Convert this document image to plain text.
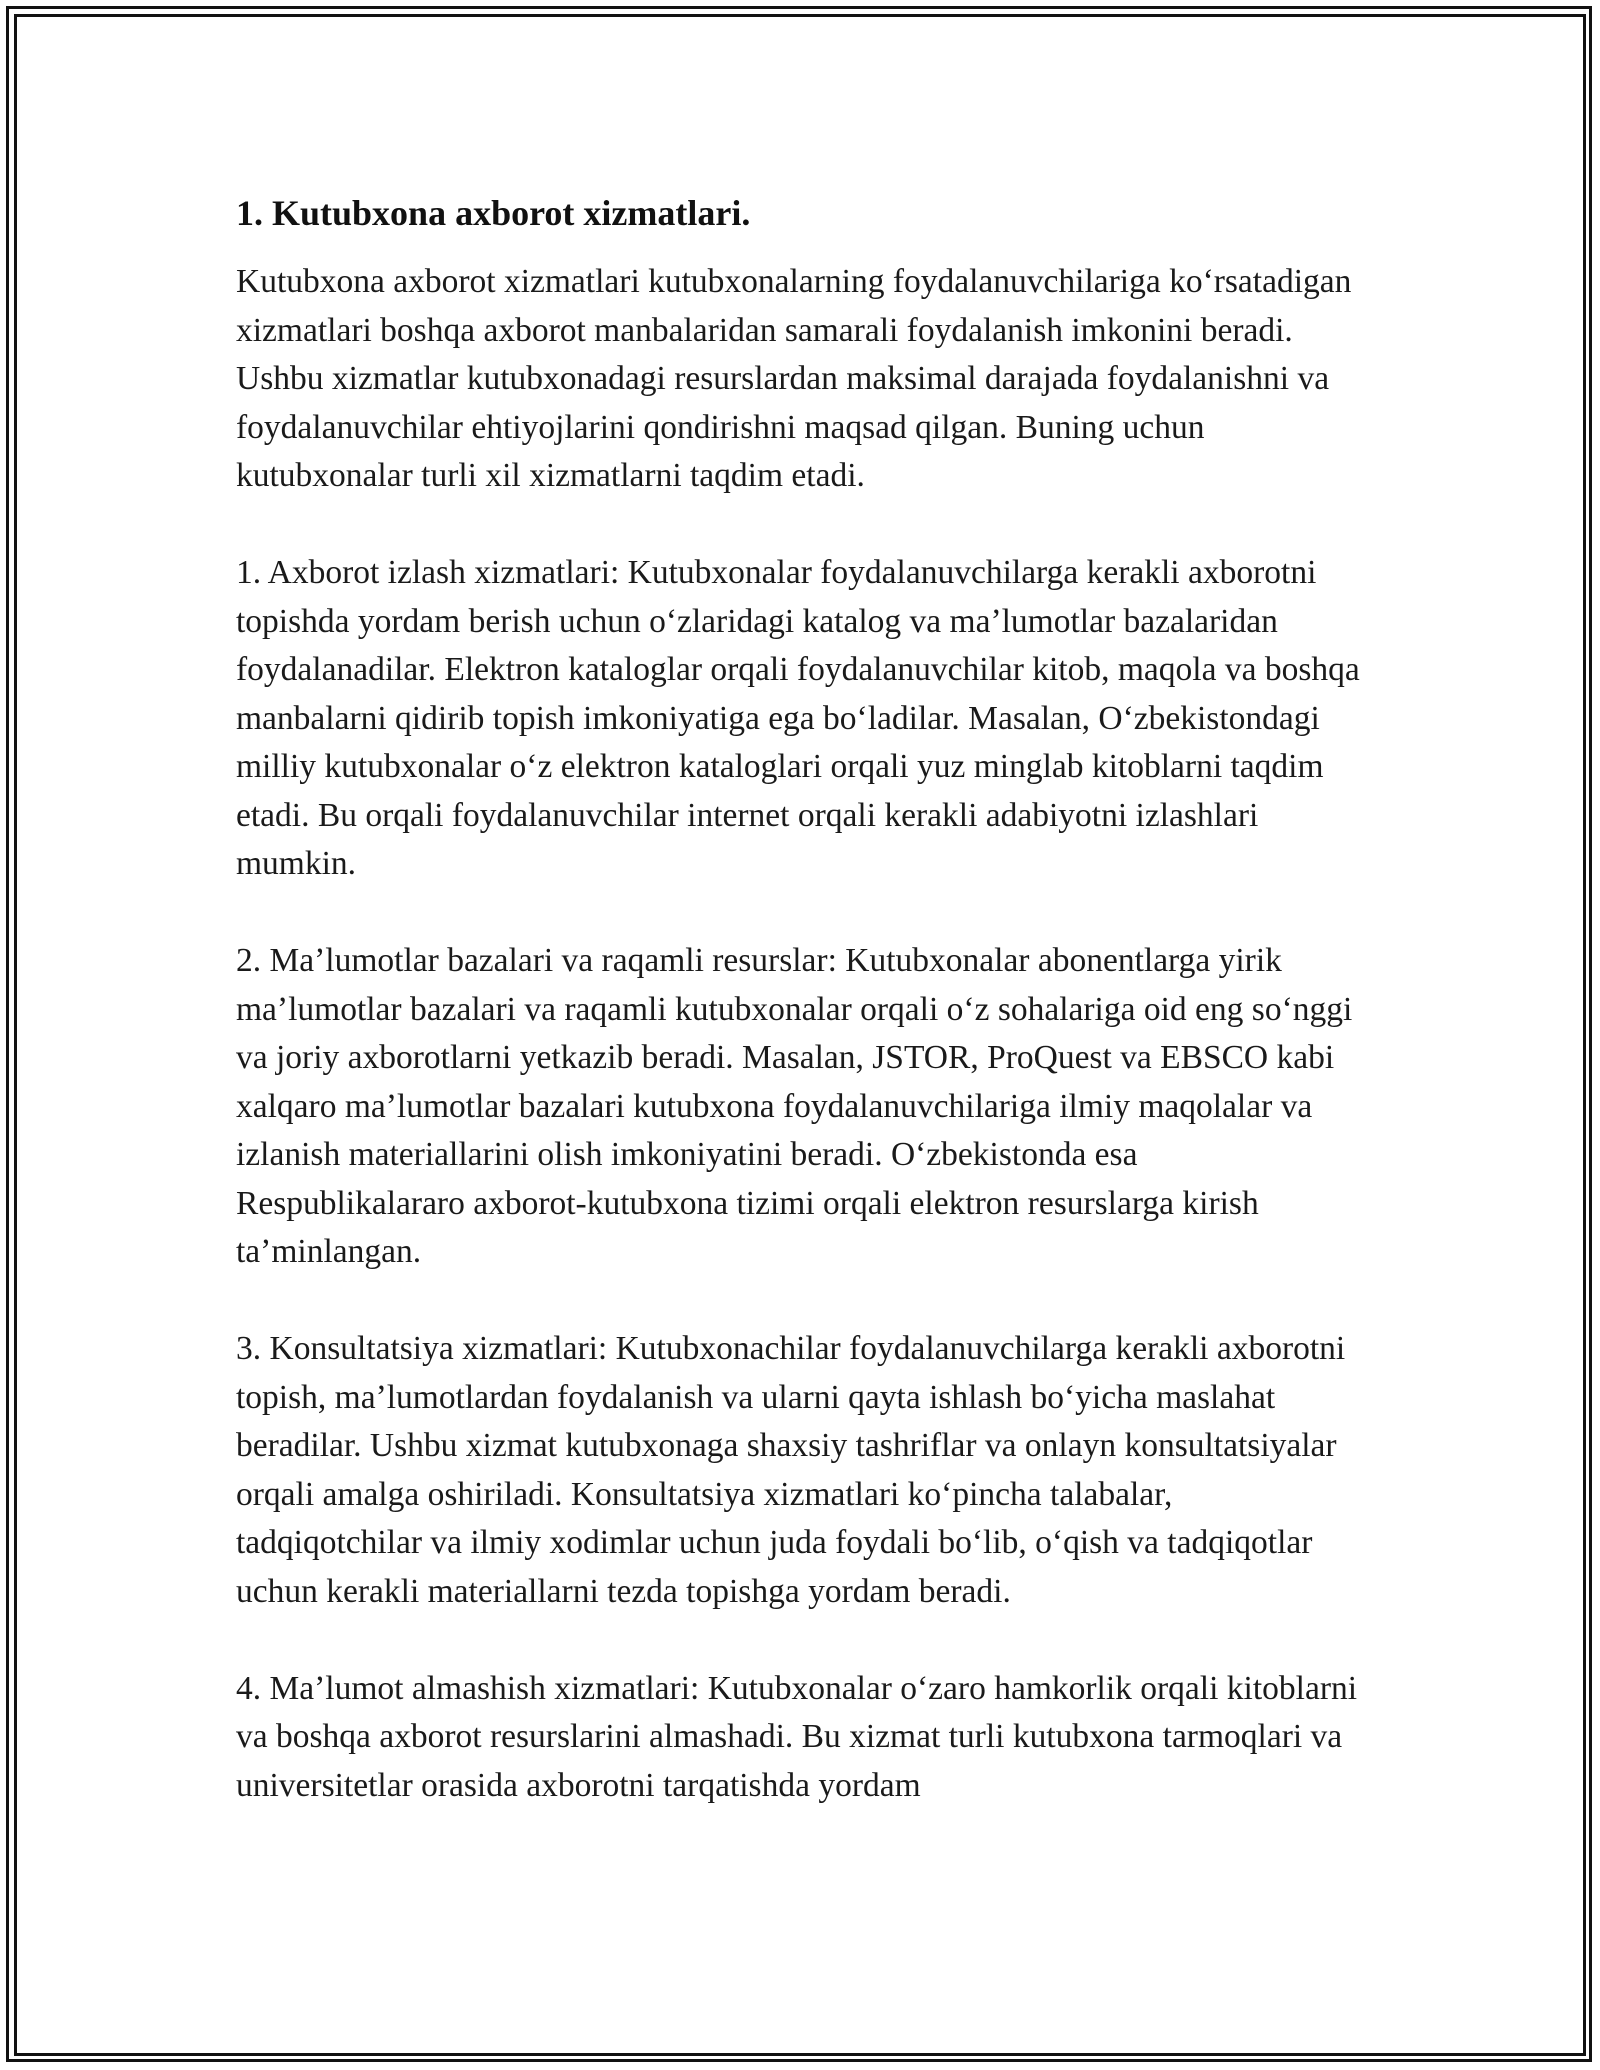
1. Kutubxona axborot xizmatlari.

Kutubxona axborot xizmatlari kutubxonalarning foydalanuvchilariga koʻrsatadigan xizmatlari boshqa axborot manbalaridan samarali foydalanish imkonini beradi. Ushbu xizmatlar kutubxonadagi resurslardan maksimal darajada foydalanishni va foydalanuvchilar ehtiyojlarini qondirishni maqsad qilgan. Buning uchun kutubxonalar turli xil xizmatlarni taqdim etadi.

1. Axborot izlash xizmatlari: Kutubxonalar foydalanuvchilarga kerakli axborotni topishda yordam berish uchun oʻzlaridagi katalog va maʼlumotlar bazalaridan foydalanadilar. Elektron kataloglar orqali foydalanuvchilar kitob, maqola va boshqa manbalarni qidirib topish imkoniyatiga ega boʻladilar. Masalan, Oʻzbekistondagi milliy kutubxonalar oʻz elektron kataloglari orqali yuz minglab kitoblarni taqdim etadi. Bu orqali foydalanuvchilar internet orqali kerakli adabiyotni izlashlari mumkin.

2. Maʼlumotlar bazalari va raqamli resurslar: Kutubxonalar abonentlarga yirik maʼlumotlar bazalari va raqamli kutubxonalar orqali oʻz sohalariga oid eng soʻnggi va joriy axborotlarni yetkazib beradi. Masalan, JSTOR, ProQuest va EBSCO kabi xalqaro maʼlumotlar bazalari kutubxona foydalanuvchilariga ilmiy maqolalar va izlanish materiallarini olish imkoniyatini beradi. Oʻzbekistonda esa Respublikalararo axborot-kutubxona tizimi orqali elektron resurslarga kirish taʼminlangan.

3. Konsultatsiya xizmatlari: Kutubxonachilar foydalanuvchilarga kerakli axborotni topish, maʼlumotlardan foydalanish va ularni qayta ishlash boʻyicha maslahat beradilar. Ushbu xizmat kutubxonaga shaxsiy tashriflar va onlayn konsultatsiyalar orqali amalga oshiriladi. Konsultatsiya xizmatlari koʻpincha talabalar, tadqiqotchilar va ilmiy xodimlar uchun juda foydali boʻlib, oʻqish va tadqiqotlar uchun kerakli materiallarni tezda topishga yordam beradi.

4. Maʼlumot almashish xizmatlari: Kutubxonalar oʻzaro hamkorlik orqali kitoblarni va boshqa axborot resurslarini almashadi. Bu xizmat turli kutubxona tarmoqlari va universitetlar orasida axborotni tarqatishda yordam
